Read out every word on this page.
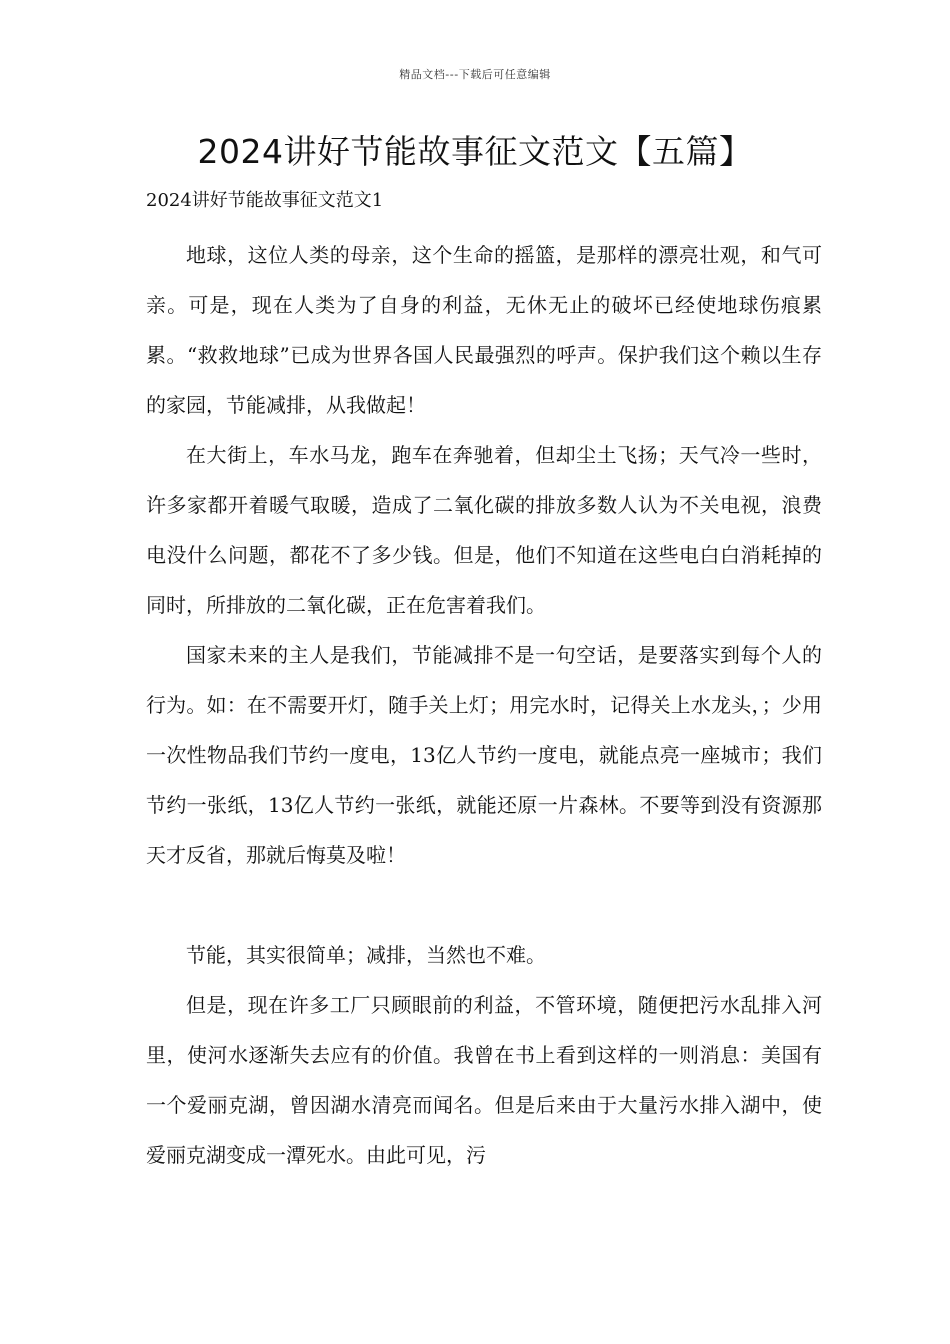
精品文档---下载后可任意编辑
2024讲好节能故事征文范文【五篇】
2024讲好节能故事征文范文1

地球，这位人类的母亲，这个生命的摇篮，是那样的漂亮壮观，和气可亲。可是，现在人类为了自身的利益，无休无止的破坏已经使地球伤痕累累。“救救地球”已成为世界各国人民最强烈的呼声。保护我们这个赖以生存的家园，节能减排，从我做起！

在大街上，车水马龙，跑车在奔驰着，但却尘土飞扬；天气冷一些时，许多家都开着暖气取暖，造成了二氧化碳的排放多数人认为不关电视，浪费电没什么问题，都花不了多少钱。但是，他们不知道在这些电白白消耗掉的同时，所排放的二氧化碳，正在危害着我们。

国家未来的主人是我们，节能减排不是一句空话，是要落实到每个人的行为。如：在不需要开灯，随手关上灯；用完水时，记得关上水龙头，；少用一次性物品我们节约一度电，13亿人节约一度电，就能点亮一座城市；我们节约一张纸，13亿人节约一张纸，就能还原一片森林。不要等到没有资源那天才反省，那就后悔莫及啦！

节能，其实很简单；减排，当然也不难。

但是，现在许多工厂只顾眼前的利益，不管环境，随便把污水乱排入河里，使河水逐渐失去应有的价值。我曾在书上看到这样的一则消息：美国有一个爱丽克湖，曾因湖水清亮而闻名。但是后来由于大量污水排入湖中，使爱丽克湖变成一潭死水。由此可见，污
